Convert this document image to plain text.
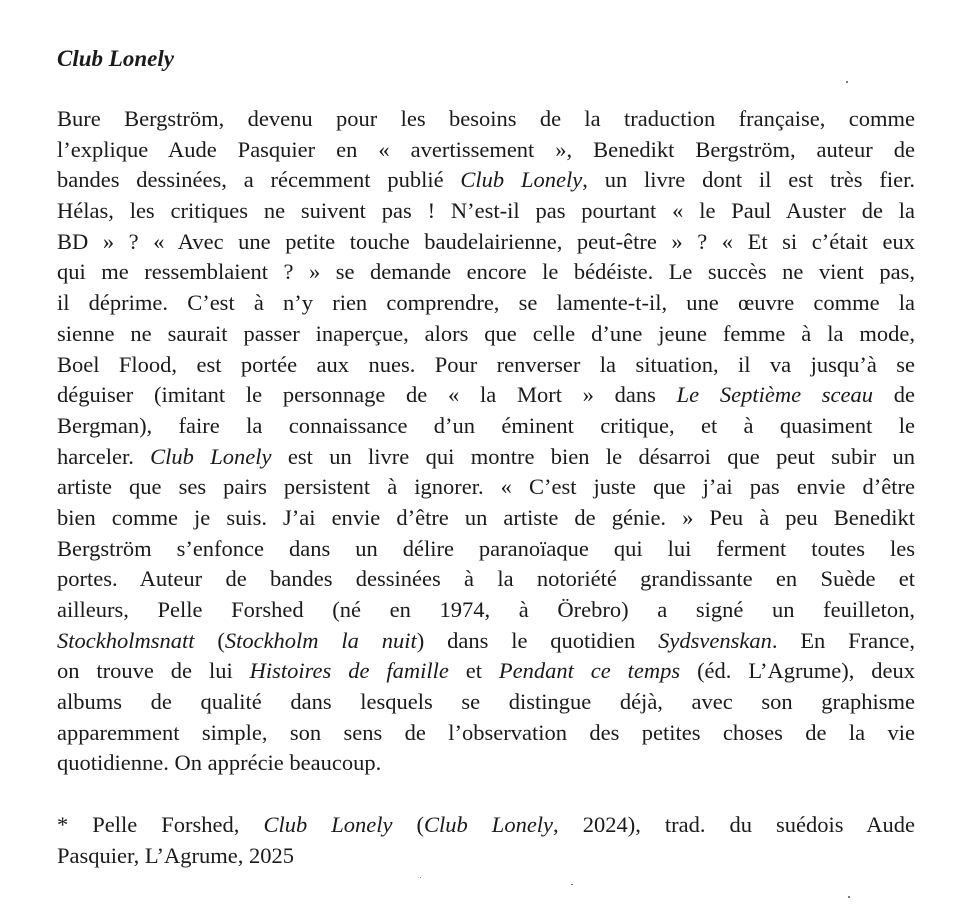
Club Lonely
Bure Bergström, devenu pour les besoins de la traduction française, comme
l’explique Aude Pasquier en « avertissement », Benedikt Bergström, auteur de
bandes dessinées, a récemment publié Club Lonely, un livre dont il est très fier.
Hélas, les critiques ne suivent pas ! N’est-il pas pourtant « le Paul Auster de la
BD » ? « Avec une petite touche baudelairienne, peut-être » ? « Et si c’était eux
qui me ressemblaient ? » se demande encore le bédéiste. Le succès ne vient pas,
il déprime. C’est à n’y rien comprendre, se lamente-t-il, une œuvre comme la
sienne ne saurait passer inaperçue, alors que celle d’une jeune femme à la mode,
Boel Flood, est portée aux nues. Pour renverser la situation, il va jusqu’à se
déguiser (imitant le personnage de « la Mort » dans Le Septième sceau de
Bergman), faire la connaissance d’un éminent critique, et à quasiment le
harceler. Club Lonely est un livre qui montre bien le désarroi que peut subir un
artiste que ses pairs persistent à ignorer. « C’est juste que j’ai pas envie d’être
bien comme je suis. J’ai envie d’être un artiste de génie. » Peu à peu Benedikt
Bergström s’enfonce dans un délire paranoïaque qui lui ferment toutes les
portes. Auteur de bandes dessinées à la notoriété grandissante en Suède et
ailleurs, Pelle Forshed (né en 1974, à Örebro) a signé un feuilleton,
Stockholmsnatt (Stockholm la nuit) dans le quotidien Sydsvenskan. En France,
on trouve de lui Histoires de famille et Pendant ce temps (éd. L’Agrume), deux
albums de qualité dans lesquels se distingue déjà, avec son graphisme
apparemment simple, son sens de l’observation des petites choses de la vie
quotidienne. On apprécie beaucoup.
* Pelle Forshed, Club Lonely (Club Lonely, 2024), trad. du suédois Aude
Pasquier, L’Agrume, 2025
